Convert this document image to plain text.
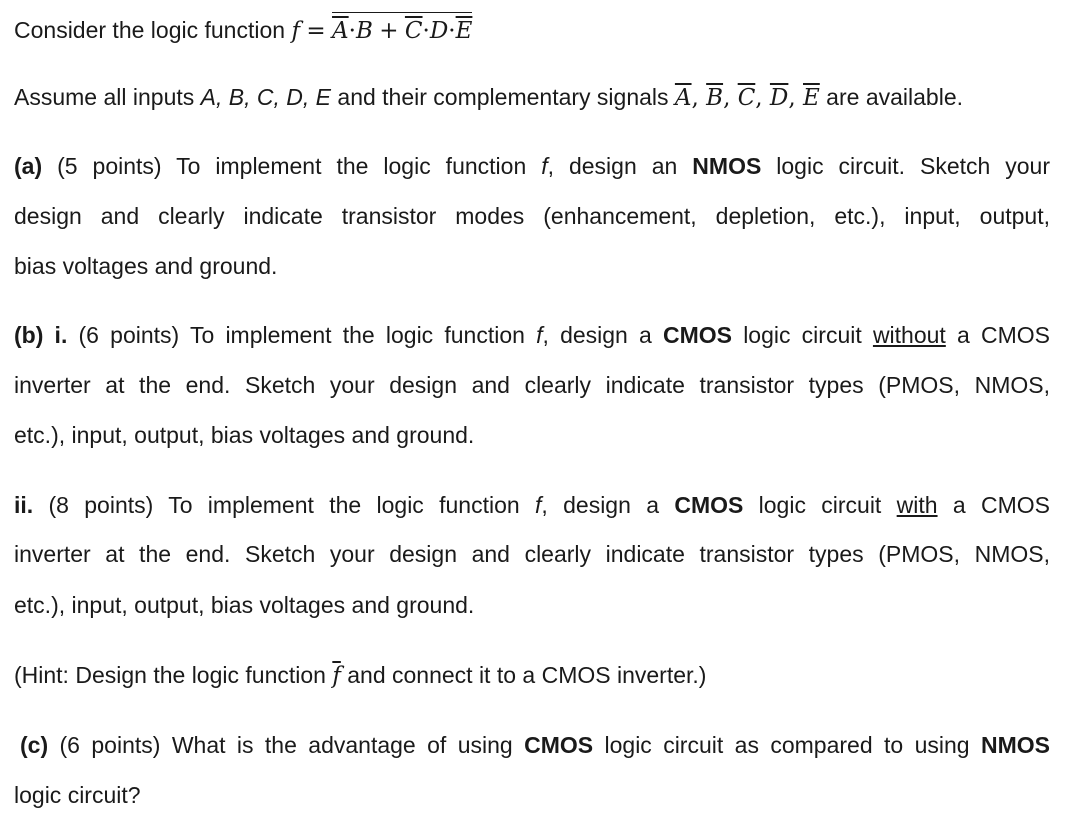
Consider the logic function $f = \overline{A}\cdot B + \overline{C}\cdot D\cdot\overline{E}$
Assume all inputs A, B, C, D, E and their complementary signals $\overline{A}$, $\overline{B}$, $\overline{C}$, $\overline{D}$, $\overline{E}$ are available.
(a) (5 points) To implement the logic function f, design an NMOS logic circuit. Sketch your
design and clearly indicate transistor modes (enhancement, depletion, etc.), input, output,
bias voltages and ground.
(b) i. (6 points) To implement the logic function f, design a CMOS logic circuit without a CMOS
inverter at the end. Sketch your design and clearly indicate transistor types (PMOS, NMOS,
etc.), input, output, bias voltages and ground.
ii. (8 points) To implement the logic function f, design a CMOS logic circuit with a CMOS
inverter at the end. Sketch your design and clearly indicate transistor types (PMOS, NMOS,
etc.), input, output, bias voltages and ground.
(Hint: Design the logic function $\overline{f}$ and connect it to a CMOS inverter.)
(c) (6 points) What is the advantage of using CMOS logic circuit as compared to using NMOS
logic circuit?
